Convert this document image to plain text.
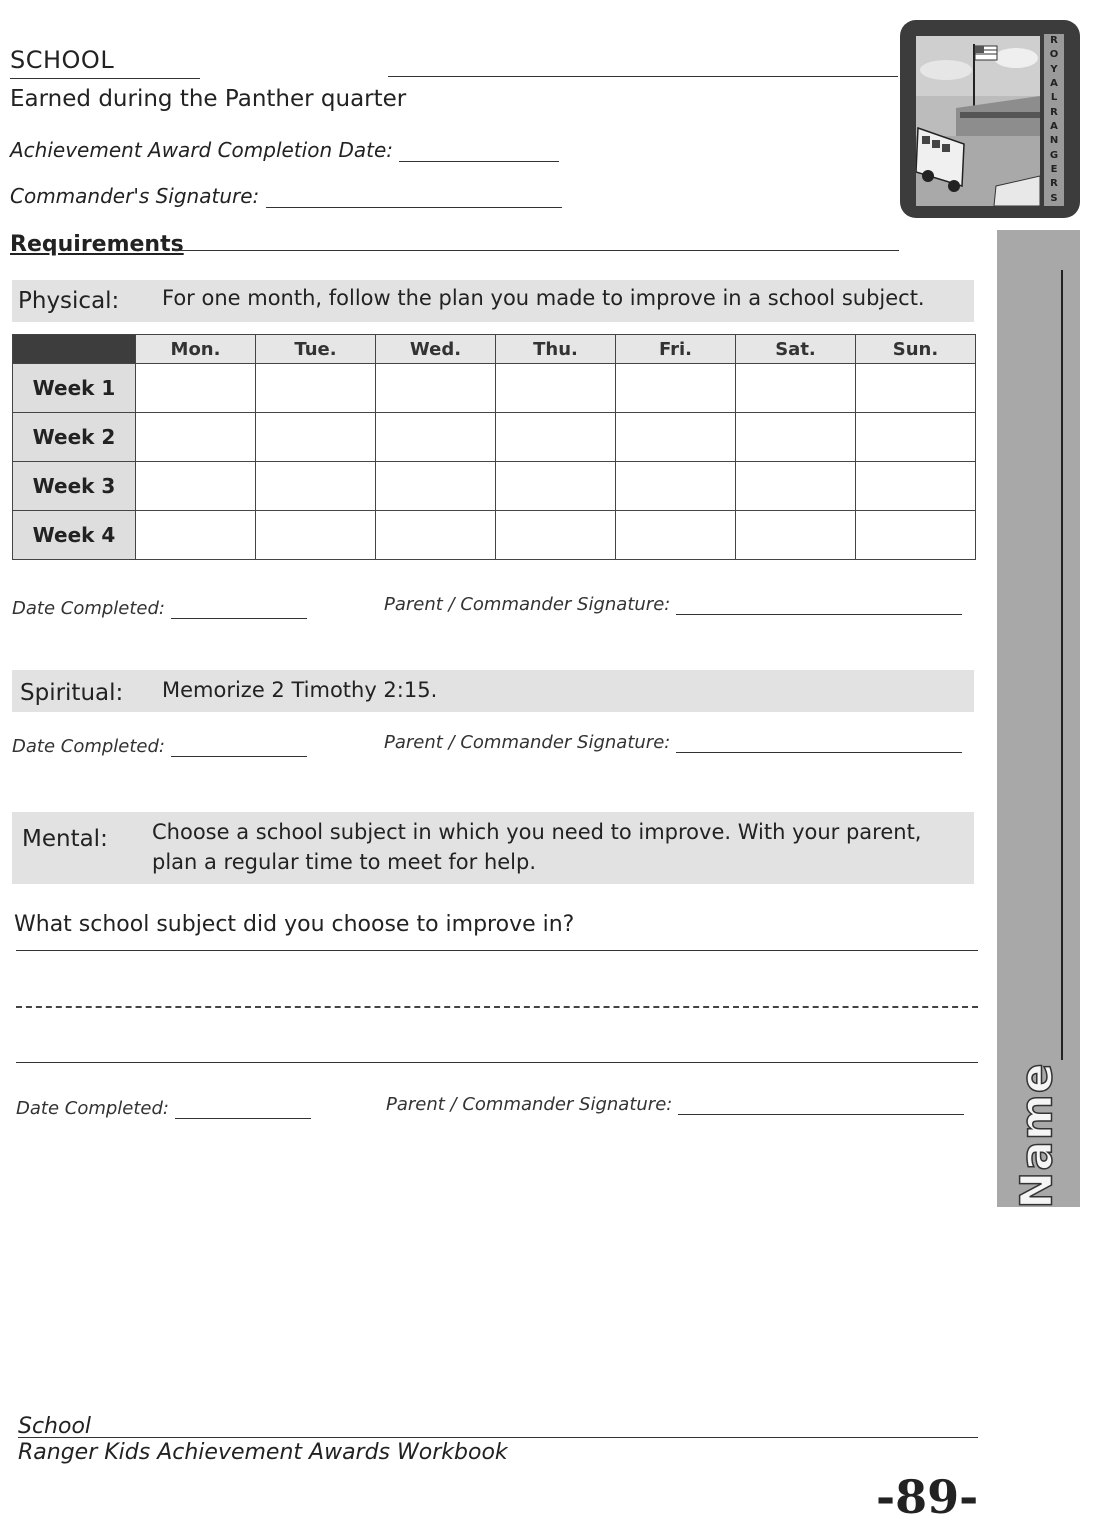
SCHOOL
Earned during the Panther quarter
Achievement Award Completion Date:
Commander's Signature:
R
O
Y
A
L
R
A
N
G
E
R
S
Requirements
Physical: For one month, follow the plan you made to improve in a school subject.
	Mon.	Tue.	Wed.	Thu.	Fri.	Sat.	Sun.
Week 1							
Week 2							
Week 3							
Week 4							
Date Completed:	Parent / Commander Signature:
Spiritual: Memorize 2 Timothy 2:15.
Date Completed:	Parent / Commander Signature:
Mental: Choose a school subject in which you need to improve. With your parent,
plan a regular time to meet for help.
What school subject did you choose to improve in?
Date Completed:	Parent / Commander Signature:	Name
School
Ranger Kids Achievement Awards Workbook
-89-
